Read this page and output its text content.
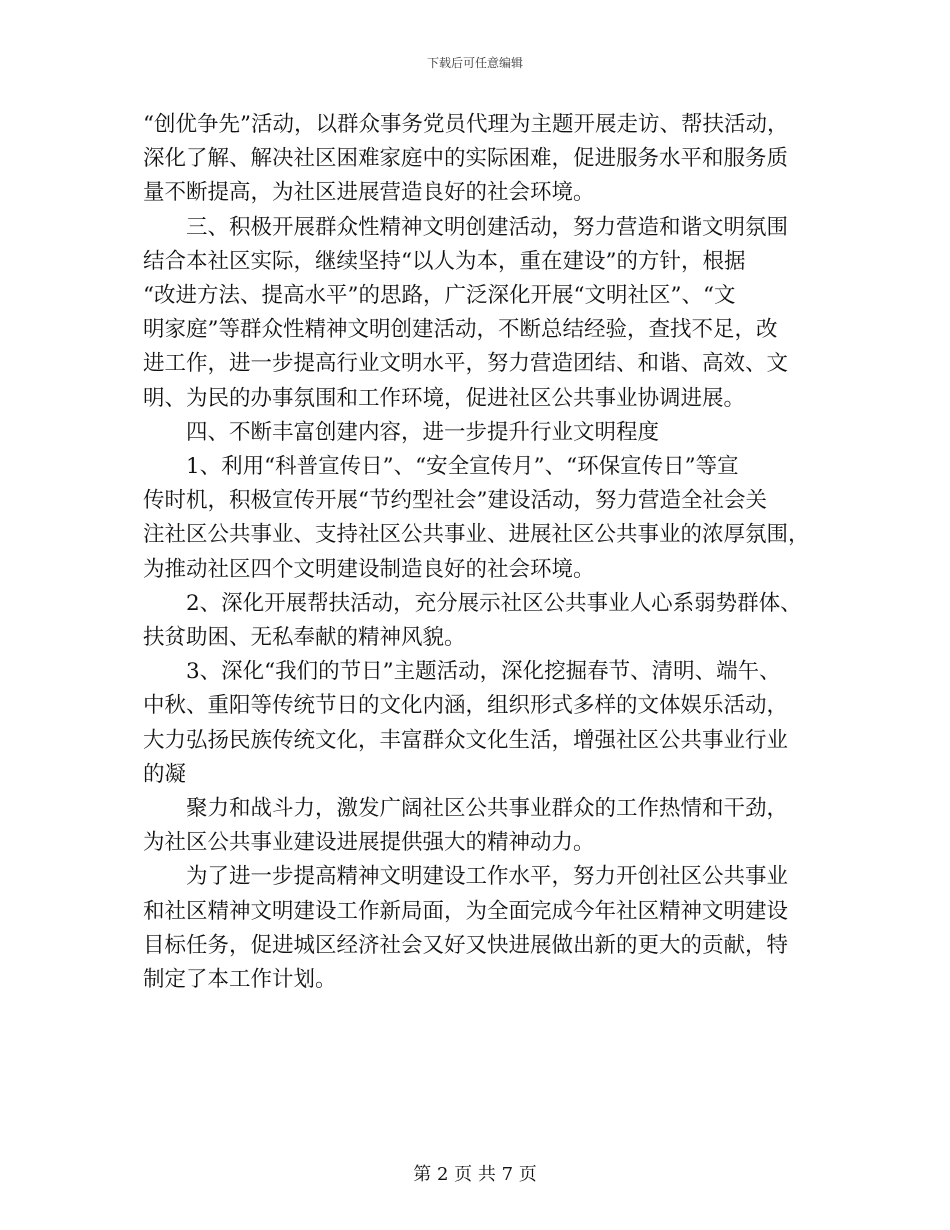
下载后可任意编辑

“创优争先”活动，以群众事务党员代理为主题开展走访、帮扶活动，

深化了解、解决社区困难家庭中的实际困难，促进服务水平和服务质

量不断提高，为社区进展营造良好的社会环境。

　　三、积极开展群众性精神文明创建活动，努力营造和谐文明氛围

结合本社区实际，继续坚持“以人为本，重在建设”的方针，根据

“改进方法、提高水平”的思路，广泛深化开展“文明社区”、“文

明家庭”等群众性精神文明创建活动，不断总结经验，查找不足，改

进工作，进一步提高行业文明水平，努力营造团结、和谐、高效、文

明、为民的办事氛围和工作环境，促进社区公共事业协调进展。

　　四、不断丰富创建内容，进一步提升行业文明程度

　　1、利用“科普宣传日”、“安全宣传月”、“环保宣传日”等宣

传时机，积极宣传开展“节约型社会”建设活动，努力营造全社会关

注社区公共事业、支持社区公共事业、进展社区公共事业的浓厚氛围，

为推动社区四个文明建设制造良好的社会环境。

　　2、深化开展帮扶活动，充分展示社区公共事业人心系弱势群体、

扶贫助困、无私奉献的精神风貌。

　　3、深化“我们的节日”主题活动，深化挖掘春节、清明、端午、

中秋、重阳等传统节日的文化内涵，组织形式多样的文体娱乐活动，

大力弘扬民族传统文化，丰富群众文化生活，增强社区公共事业行业

的凝

　　聚力和战斗力，激发广阔社区公共事业群众的工作热情和干劲，

为社区公共事业建设进展提供强大的精神动力。

　　为了进一步提高精神文明建设工作水平，努力开创社区公共事业

和社区精神文明建设工作新局面，为全面完成今年社区精神文明建设

目标任务，促进城区经济社会又好又快进展做出新的更大的贡献，特

制定了本工作计划。

第 2 页 共 7 页
